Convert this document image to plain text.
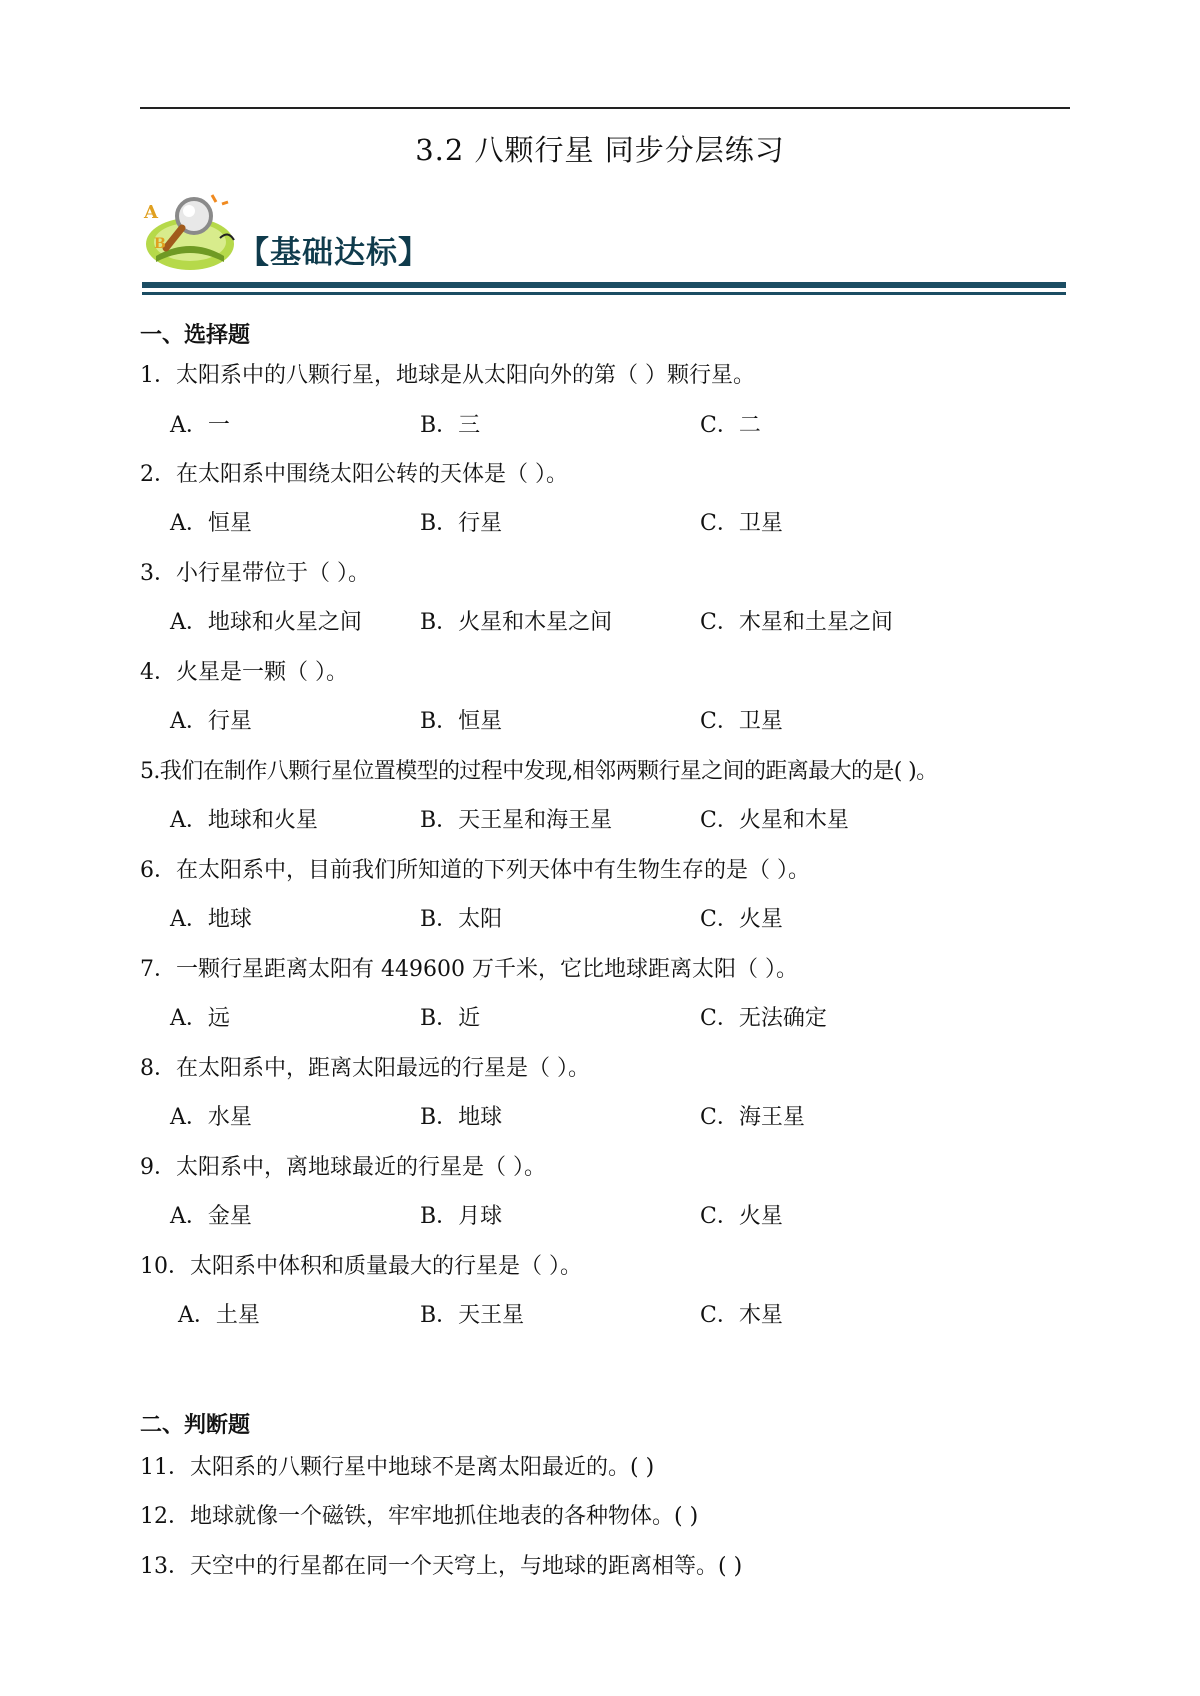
3.2 八颗行星 同步分层练习
A
B 【基础达标】
一、选择题
1．太阳系中的八颗行星，地球是从太阳向外的第（ ）颗行星。
A．一	B．三	C．二
2．在太阳系中围绕太阳公转的天体是（ ）。
A．恒星	B．行星	C．卫星
3．小行星带位于（ ）。
A．地球和火星之间	B．火星和木星之间	C．木星和土星之间
4．火星是一颗（ ）。
A．行星	B．恒星	C．卫星
5.我们在制作八颗行星位置模型的过程中发现,相邻两颗行星之间的距离最大的是( )。
A．地球和火星	B．天王星和海王星	C．火星和木星
6．在太阳系中，目前我们所知道的下列天体中有生物生存的是（ ）。
A．地球	B．太阳	C．火星
7．一颗行星距离太阳有 449600 万千米，它比地球距离太阳（ ）。
A．远	B．近	C．无法确定
8．在太阳系中，距离太阳最远的行星是（ ）。
A．水星	B．地球	C．海王星
9．太阳系中，离地球最近的行星是（ ）。
A．金星	B．月球	C．火星
10．太阳系中体积和质量最大的行星是（ ）。
A．土星	B．天王星	C．木星
二、判断题
11．太阳系的八颗行星中地球不是离太阳最近的。( )
12．地球就像一个磁铁，牢牢地抓住地表的各种物体。( )
13．天空中的行星都在同一个天穹上，与地球的距离相等。( )
